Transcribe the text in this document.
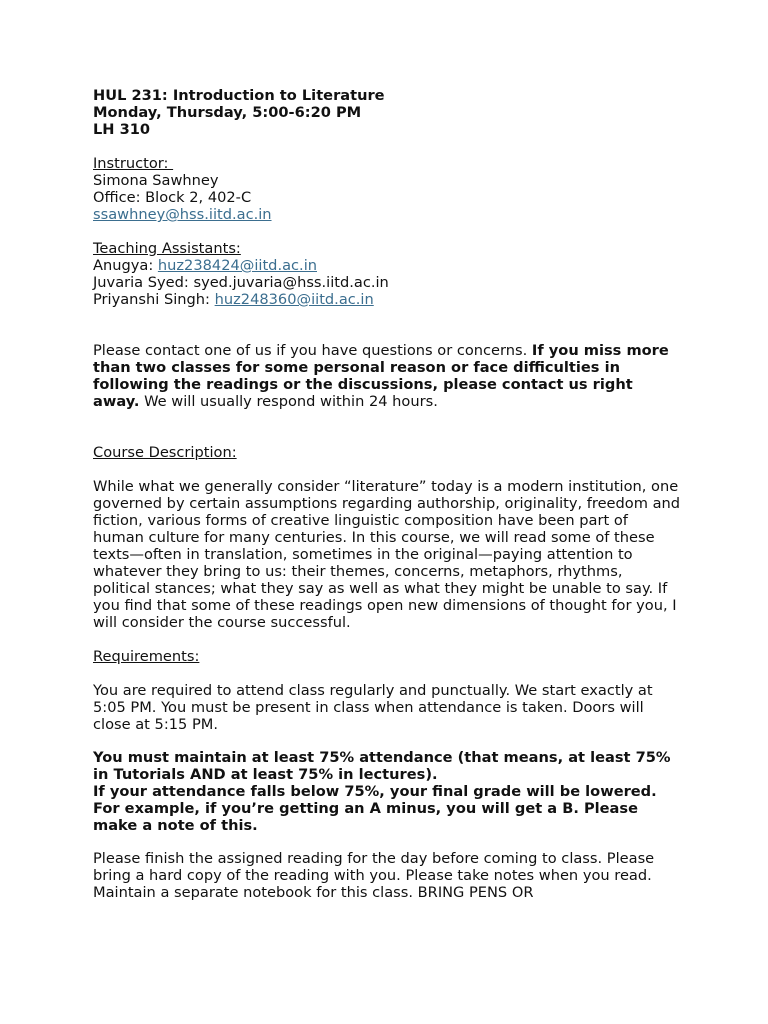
HUL 231: Introduction to Literature
Monday, Thursday, 5:00-6:20 PM
LH 310
Instructor:
Simona Sawhney
Office: Block 2, 402-C
ssawhney@hss.iitd.ac.in
Teaching Assistants:
Anugya: huz238424@iitd.ac.in
Juvaria Syed: syed.juvaria@hss.iitd.ac.in
Priyanshi Singh: huz248360@iitd.ac.in

Please contact one of us if you have questions or concerns. If you miss more than two classes for some personal reason or face difficulties in following the readings or the discussions, please contact us right away. We will usually respond within 24 hours.

Course Description:

While what we generally consider “literature” today is a modern institution, one governed by certain assumptions regarding authorship, originality, freedom and fiction, various forms of creative linguistic composition have been part of human culture for many centuries. In this course, we will read some of these texts—often in translation, sometimes in the original—paying attention to whatever they bring to us: their themes, concerns, metaphors, rhythms, political stances; what they say as well as what they might be unable to say. If you find that some of these readings open new dimensions of thought for you, I will consider the course successful.

Requirements:

You are required to attend class regularly and punctually. We start exactly at 5:05 PM. You must be present in class when attendance is taken. Doors will close at 5:15 PM.

You must maintain at least 75% attendance (that means, at least 75% in Tutorials AND at least 75% in lectures).

If your attendance falls below 75%, your final grade will be lowered. For example, if you’re getting an A minus, you will get a B. Please make a note of this.

Please finish the assigned reading for the day before coming to class. Please bring a hard copy of the reading with you. Please take notes when you read. Maintain a separate notebook for this class. BRING PENS OR
